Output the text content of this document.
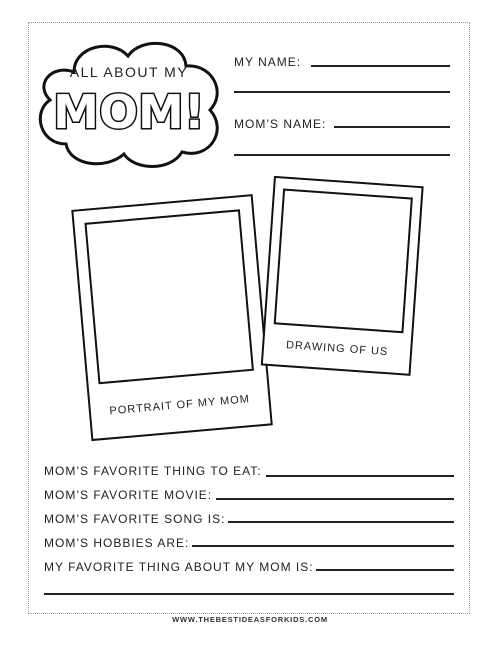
ALL ABOUT MY
MOM!
MY NAME:
MOM’S NAME:
PORTRAIT OF MY MOM
DRAWING OF US
MOM’S FAVORITE THING TO EAT:
MOM’S FAVORITE MOVIE:
MOM’S FAVORITE SONG IS:
MOM’S HOBBIES ARE:
MY FAVORITE THING ABOUT MY MOM IS:
WWW.THEBESTIDEASFORKIDS.COM
